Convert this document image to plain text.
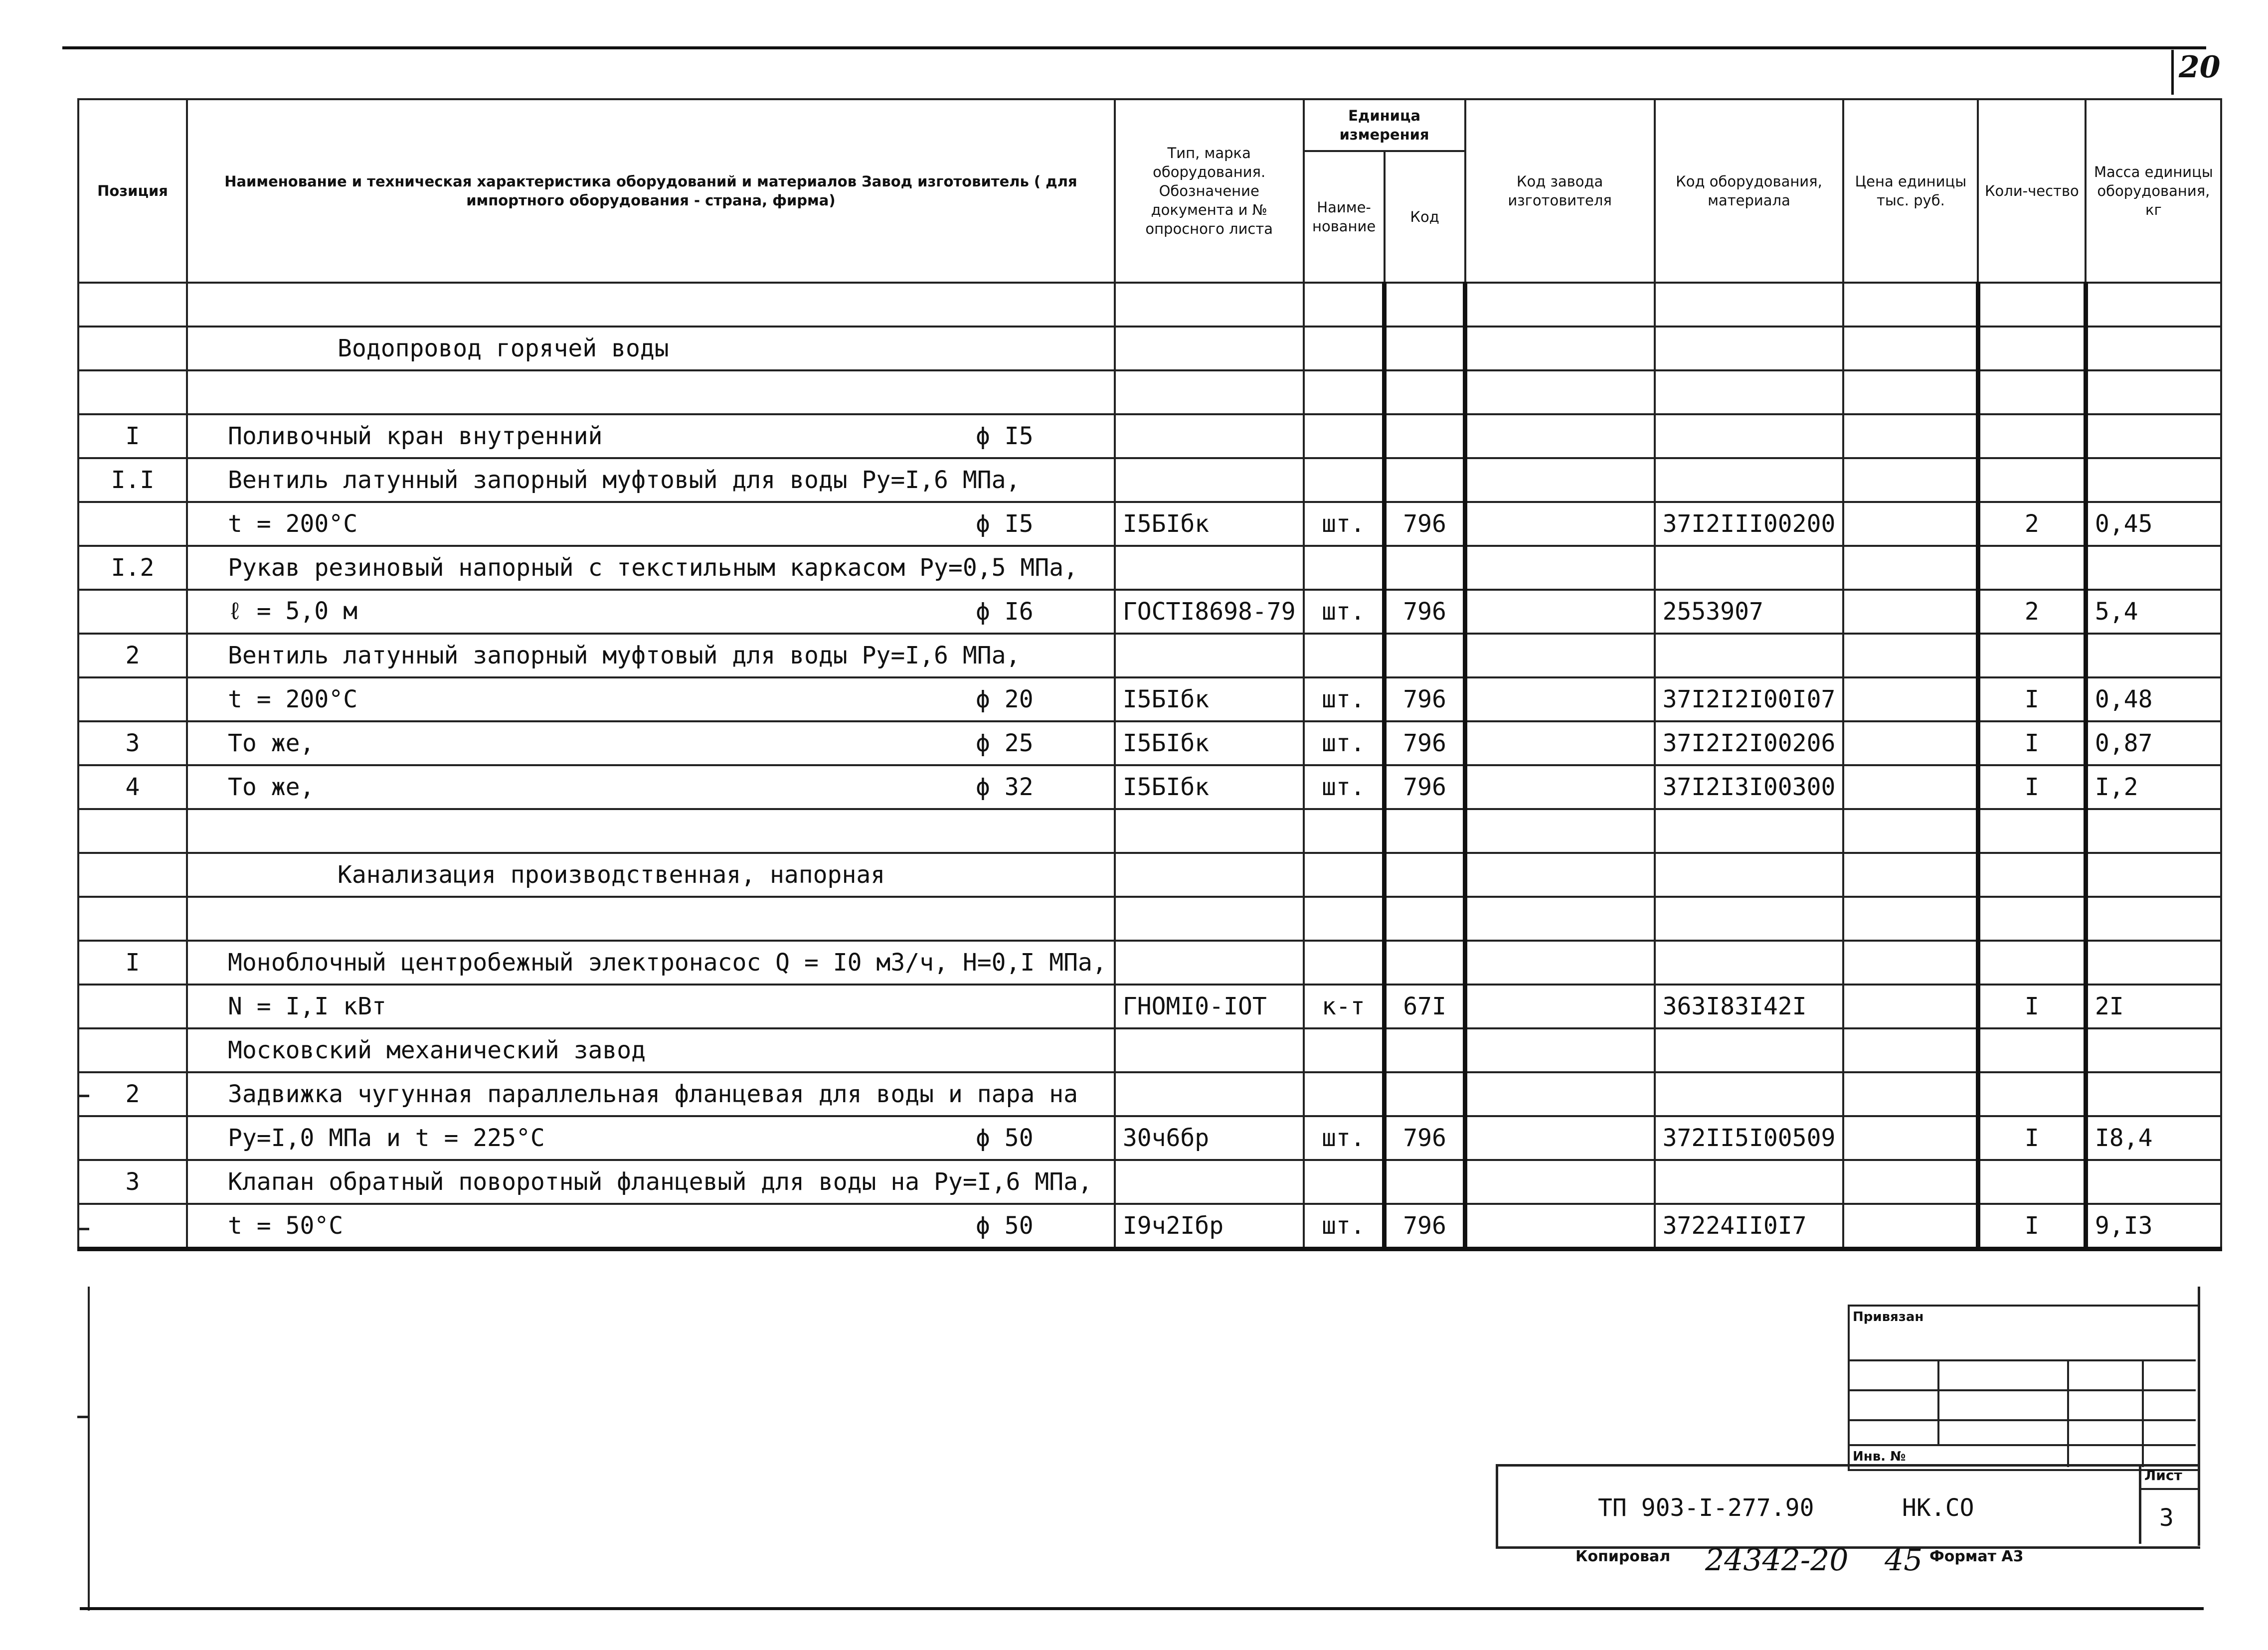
20
Позиция	Наименование и техническая характеристика оборудований и материалов Завод изготовитель ( для импортного оборудования - страна, фирма)	Тип, марка оборудования. Обозначение документа и № опросного листа	Единица измерения		Код завода изготовителя	Код оборудования, материала	Цена единицы тыс. руб.	Коли-чество	Масса единицы оборудования, кг
			Наиме-нование	Код					

	Водопровод горячей воды

I	Поливочный кран внутренний ϕ I5								

I.I	Вентиль латунный запорный муфтовый для воды Ру=I,6 МПа,

	t = 200°C ϕ I5	I5БIбк	шт.	796		37I2III00200		2	0,45
I.2	Рукав резиновый напорный с текстильным каркасом Ру=0,5 МПа,

	ℓ = 5,0 м ϕ I6	ГОСТI8698-79	шт.	796		2553907		2	5,4
2	Вентиль латунный запорный муфтовый для воды Ру=I,6 МПа,

	t = 200°C ϕ 20	I5БIбк	шт.	796		37I2I2I00I07		I	0,48
3	То же, ϕ 25	I5БIбк	шт.	796		37I2I2I00206		I	0,87
4	То же, ϕ 32	I5БIбк	шт.	796		37I2I3I00300		I	I,2

	Канализация производственная, напорная

I	Моноблочный центробежный электронасос Q = I0 м3/ч, Н=0,I МПа,

	N = I,I кВт	ГНОМI0-IОТ	к-т	67I		363I83I42I		I	2I
	Московский механический завод

2	Задвижка чугунная параллельная фланцевая для воды и пара на

	Ру=I,0 МПа и t = 225°C ϕ 50	30ч6бр	шт.	796		372II5I00509		I	I8,4
3	Клапан обратный поворотный фланцевый для воды на Ру=I,6 МПа,

	t = 50°C ϕ 50	I9ч2Iбр	шт.	796		37224II0I7		I	9,I3
Привязан
Инв. №
ТП 903-I-277.90	НК.СО
Лист
3
Копировал 24342-20 45 Формат А3
